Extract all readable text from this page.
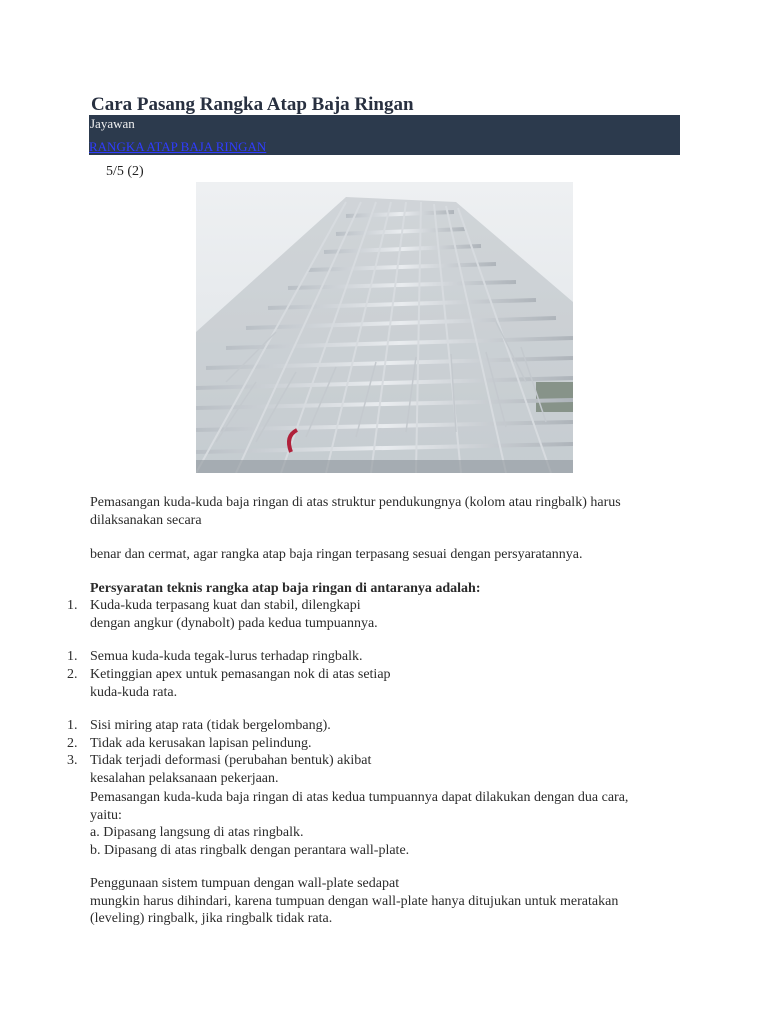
Cara Pasang Rangka Atap Baja Ringan
Jayawan
RANGKA ATAP BAJA RINGAN
5/5 (2)

Pemasangan kuda-kuda baja ringan di atas struktur pendukungnya (kolom atau ringbalk) harus
dilaksanakan secara

benar dan cermat, agar rangka atap baja ringan terpasang sesuai dengan persyaratannya.

Persyaratan teknis rangka atap baja ringan di antaranya adalah:

1. Kuda-kuda terpasang kuat dan stabil, dilengkapi
dengan angkur (dynabolt) pada kedua tumpuannya.

1. Semua kuda-kuda tegak-lurus terhadap ringbalk.

2. Ketinggian apex untuk pemasangan nok di atas setiap
kuda-kuda rata.

1. Sisi miring atap rata (tidak bergelombang).

2. Tidak ada kerusakan lapisan pelindung.

3. Tidak terjadi deformasi (perubahan bentuk) akibat
kesalahan pelaksanaan pekerjaan.

Pemasangan kuda-kuda baja ringan di atas kedua tumpuannya dapat dilakukan dengan dua cara,
yaitu:
a. Dipasang langsung di atas ringbalk.
b. Dipasang di atas ringbalk dengan perantara wall-plate.

Penggunaan sistem tumpuan dengan wall-plate sedapat
mungkin harus dihindari, karena tumpuan dengan wall-plate hanya ditujukan untuk meratakan
(leveling) ringbalk, jika ringbalk tidak rata.
